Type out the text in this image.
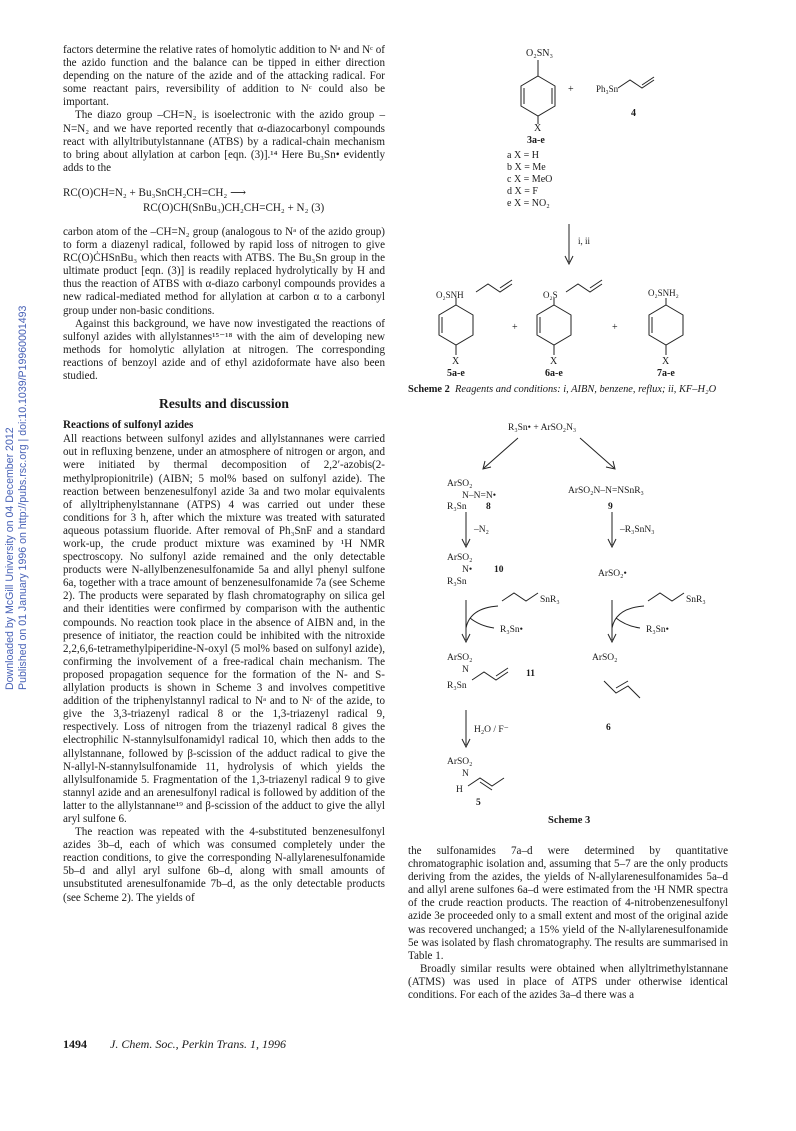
Downloaded by McGill University on 04 December 2012 Published on 01 January 1996 on http://pubs.rsc.org | doi:10.1039/P19960001493

factors determine the relative rates of homolytic addition to Nᵃ and Nᶜ of the azido function and the balance can be tipped in either direction depending on the nature of the azide and of the attacking radical. For some reactant pairs, reversibility of addition to Nᶜ could also be important.

The diazo group –CH=N₂ is isoelectronic with the azido group –N=N₂ and we have reported recently that α-diazocarbonyl compounds react with allyltributylstannane (ATBS) by a radical-chain mechanism to bring about allylation at carbon [eqn. (3)].¹⁴ Here Bu₃Sn• evidently adds to the

RC(O)CH=N₂ + Bu₃SnCH₂CH=CH₂ ⟶
RC(O)CH(SnBu₃)CH₂CH=CH₂ + N₂ (3)

carbon atom of the –CH=N₂ group (analogous to Nᵃ of the azido group) to form a diazenyl radical, followed by rapid loss of nitrogen to give RC(O)ĊHSnBu₃ which then reacts with ATBS. The Bu₃Sn group in the ultimate product [eqn. (3)] is readily replaced hydrolytically by H and thus the reaction of ATBS with α-diazo carbonyl compounds provides a new radical-mediated method for allylation at carbon α to a carbonyl group under non-basic conditions.

Against this background, we have now investigated the reactions of sulfonyl azides with allylstannes¹⁵⁻¹⁸ with the aim of developing new methods for homolytic allylation at nitrogen. The corresponding reactions of benzoyl azide and of ethyl azidoformate have also been studied.

Results and discussion
Reactions of sulfonyl azides

All reactions between sulfonyl azides and allylstannanes were carried out in refluxing benzene, under an atmosphere of nitrogen or argon, and were initiated by thermal decomposition of 2,2′-azobis(2-methylpropionitrile) (AIBN; 5 mol% based on sulfonyl azide). The reaction between benzenesulfonyl azide 3a and two molar equivalents of allyltriphenylstannane (ATPS) 4 was carried out under these conditions for 3 h, after which the mixture was treated with saturated aqueous potassium fluoride. After removal of Ph₃SnF and a standard work-up, the crude product mixture was examined by ¹H NMR spectroscopy. No sulfonyl azide remained and the only detectable products were N-allylbenzenesulfonamide 5a and allyl phenyl sulfone 6a, together with a trace amount of benzenesulfonamide 7a (see Scheme 2). The products were separated by flash chromatography on silica gel and their identities were confirmed by comparison with the authentic compounds. No reaction took place in the absence of AIBN and, in the presence of initiator, the reaction could be inhibited with the nitroxide 2,2,6,6-tetramethylpiperidine-N-oxyl (5 mol% based on sulfonyl azide), confirming the involvement of a free-radical chain mechanism. The proposed propagation sequence for the formation of the N- and S-allylation products is shown in Scheme 3 and involves competitive addition of the triphenylstannyl radical to Nᵃ and to Nᶜ of the azide, to give the 3,3-triazenyl radical 8 or the 1,3-triazenyl radical 9, respectively. Loss of nitrogen from the triazenyl radical 8 gives the electrophilic N-stannylsulfonamidyl radical 10, which then adds to the allylstannane, followed by β-scission of the adduct radical to give the N-allyl-N-stannylsulfonamide 11, hydrolysis of which yields the allylsulfonamide 5. Fragmentation of the 1,3-triazenyl radical 9 to give stannyl azide and an arenesulfonyl radical is followed by addition of the latter to the allylstannane¹⁹ and β-scission of the adduct to give the allyl aryl sulfone 6.

The reaction was repeated with the 4-substituted benzenesulfonyl azides 3b–d, each of which was consumed completely under the reaction conditions, to give the corresponding N-allylarenesulfonamide 5b–d and allyl aryl sulfone 6b–d, along with small amounts of unsubstituted arenesulfonamide 7b–d, as the only detectable products (see Scheme 2). The yields of

O₂SN₃
X
3a-e
+ Ph₃Sn
4
a X = H
b X = Me
c X = MeO
d X = F
e X = NO₂
i, ii
O₂SNH	O₂S	O₂SNH₂
+	+
X	X	X
5a-e	6a-e	7a-e
Scheme 2 Reagents and conditions: i, AIBN, benzene, reflux; ii, KF–H₂O
R₃Sn• + ArSO₂N₃
ArSO₂
N–N=N•
R₃Sn 8
ArSO₂N–N=NSnR₃
9
–N₂	–R₃SnN₃
ArSO₂
N•
R₃Sn
10	ArSO₂•
SnR₃	SnR₃
R₃Sn•	R₃Sn•
ArSO₂
N
R₃Sn
11
ArSO₂
6
H₂O / F⁻
ArSO₂
N
H
5
Scheme 3

the sulfonamides 7a–d were determined by quantitative chromatographic isolation and, assuming that 5–7 are the only products deriving from the azides, the yields of N-allylarenesulfonamides 5a–d and allyl arene sulfones 6a–d were estimated from the ¹H NMR spectra of the crude reaction products. The reaction of 4-nitrobenzenesulfonyl azide 3e proceeded only to a small extent and most of the original azide was recovered unchanged; a 15% yield of the N-allylarenesulfonamide 5e was isolated by flash chromatography. The results are summarised in Table 1.

Broadly similar results were obtained when allyltrimethylstannane (ATMS) was used in place of ATPS under otherwise identical conditions. For each of the azides 3a–d there was a

1494 J. Chem. Soc., Perkin Trans. 1, 1996
